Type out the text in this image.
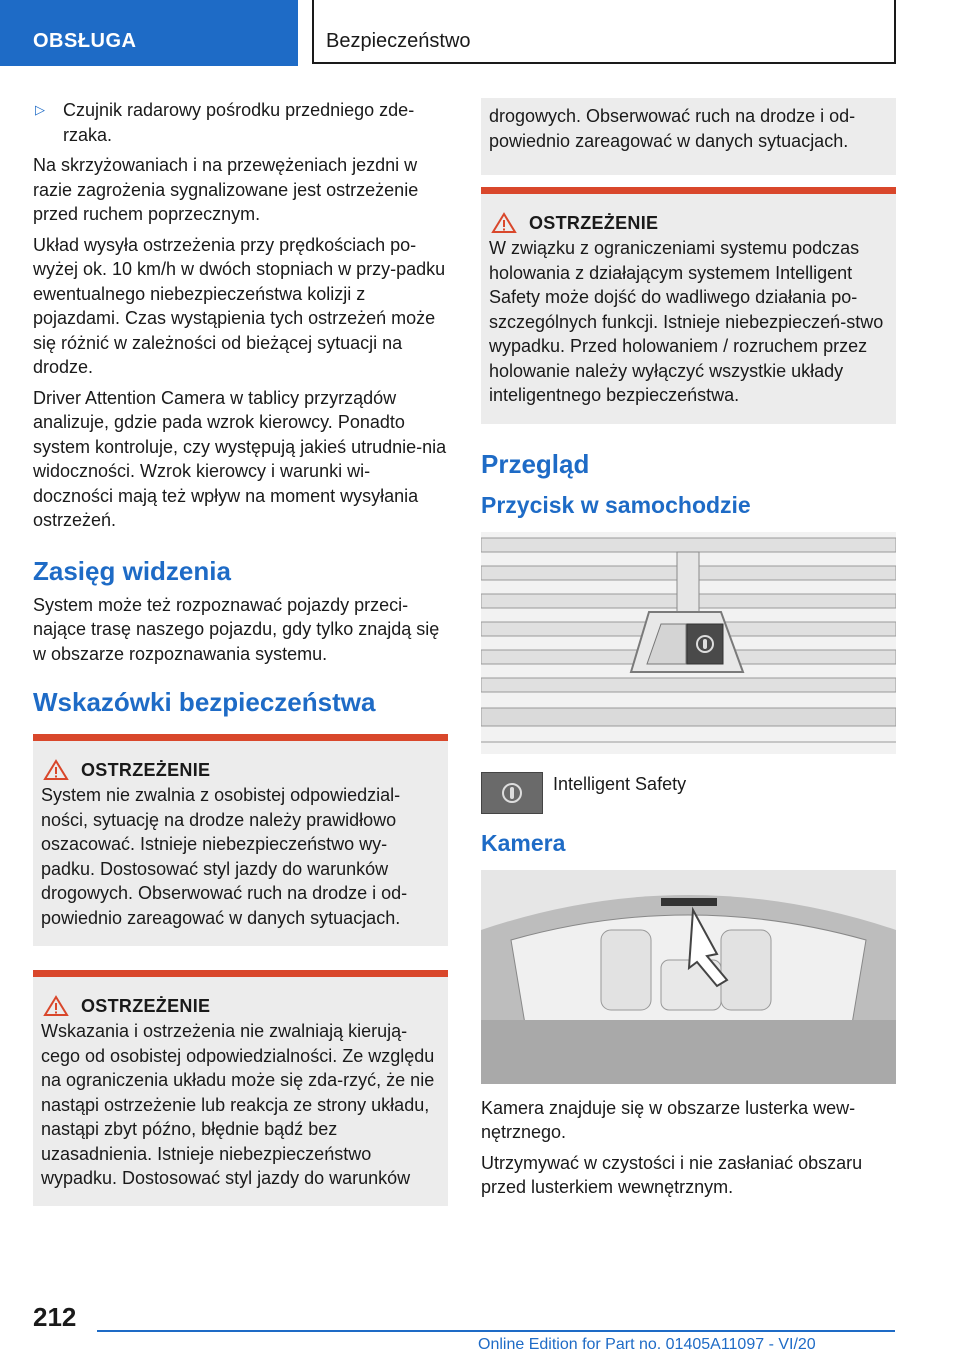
OBSŁUGA	Bezpieczeństwo
▷	Czujnik radarowy pośrodku przedniego zde‐rzaka.

Na skrzyżowaniach i na przewężeniach jezdni w razie zagrożenia sygnalizowane jest ostrzeżenie przed ruchem poprzecznym.

Układ wysyła ostrzeżenia przy prędkościach po‐wyżej ok. 10 km/h w dwóch stopniach w przy‐padku ewentualnego niebezpieczeństwa kolizji z pojazdami. Czas wystąpienia tych ostrzeżeń może się różnić w zależności od bieżącej sytuacji na drodze.

Driver Attention Camera w tablicy przyrządów analizuje, gdzie pada wzrok kierowcy. Ponadto system kontroluje, czy występują jakieś utrudnie‐nia widoczności. Wzrok kierowcy i warunki wi‐doczności mają też wpływ na moment wysyłania ostrzeżeń.

Zasięg widzenia

System może też rozpoznawać pojazdy przeci‐nające trasę naszego pojazdu, gdy tylko znajdą się w obszarze rozpoznawania systemu.

Wskazówki bezpieczeństwa
OSTRZEŻENIE

System nie zwalnia z osobistej odpowiedzial‐ności, sytuację na drodze należy prawidłowo oszacować. Istnieje niebezpieczeństwo wy‐padku. Dostosować styl jazdy do warunków drogowych. Obserwować ruch na drodze i od‐powiednio zareagować w danych sytuacjach.

OSTRZEŻENIE

Wskazania i ostrzeżenia nie zwalniają kierują‐cego od osobistej odpowiedzialności. Ze względu na ograniczenia układu może się zda‐rzyć, że nie nastąpi ostrzeżenie lub reakcja ze strony układu, nastąpi zbyt późno, błędnie bądź bez uzasadnienia. Istnieje niebezpieczeństwo wypadku. Dostosować styl jazdy do warunków

drogowych. Obserwować ruch na drodze i od‐powiednio zareagować w danych sytuacjach.

OSTRZEŻENIE

W związku z ograniczeniami systemu podczas holowania z działającym systemem Intelligent Safety może dojść do wadliwego działania po‐szczególnych funkcji. Istnieje niebezpieczeń‐stwo wypadku. Przed holowaniem / rozruchem przez holowanie należy wyłączyć wszystkie układy inteligentnego bezpieczeństwa.

Przegląd
Przycisk w samochodzie
Intelligent Safety
Kamera

Kamera znajduje się w obszarze lusterka wew‐nętrznego.

Utrzymywać w czystości i nie zasłaniać obszaru przed lusterkiem wewnętrznym.

212
Online Edition for Part no. 01405A11097 - VI/20
